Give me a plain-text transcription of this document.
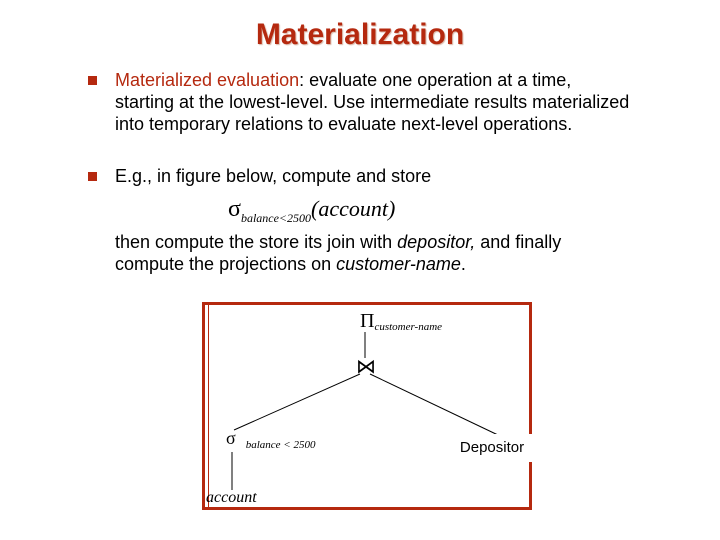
Materialization
Materialized evaluation: evaluate one operation at a time, starting at the lowest-level. Use intermediate results materialized into temporary relations to evaluate next-level operations.
E.g., in figure below, compute and store
$\sigma_{balance<2500}(account)$
then compute the store its join with depositor, and finally compute the projections on customer-name.
Πcustomer-name
⋈
σ $_{balance < 2500}$
account
Depositor
